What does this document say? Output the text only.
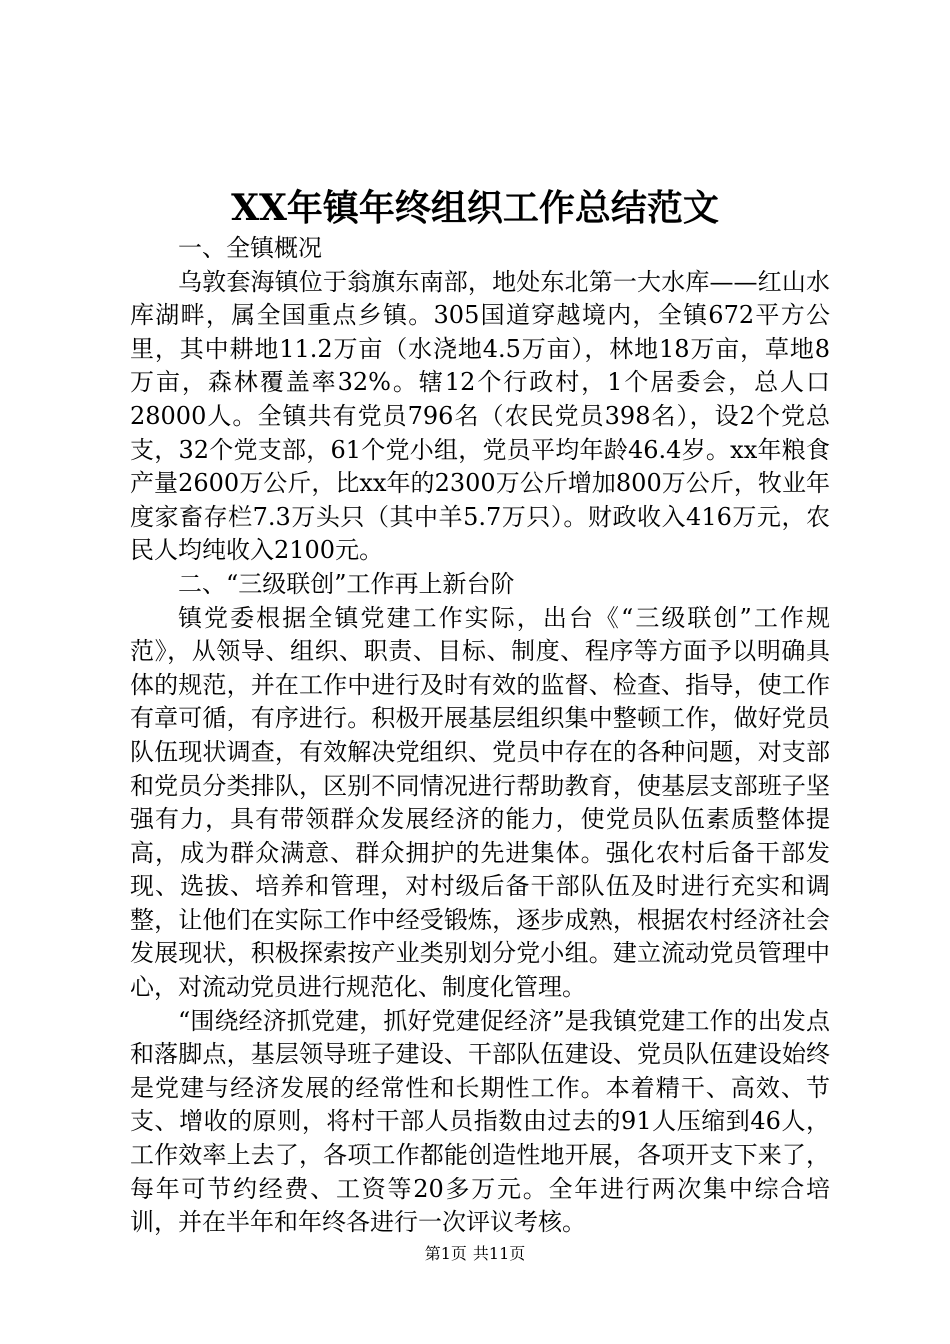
XX年镇年终组织工作总结范文

一、全镇概况

乌敦套海镇位于翁旗东南部，地处东北第一大水库——红山水库湖畔，属全国重点乡镇。305国道穿越境内，全镇672平方公里，其中耕地11.2万亩（水浇地4.5万亩），林地18万亩，草地8万亩，森林覆盖率32%。辖12个行政村，1个居委会，总人口28000人。全镇共有党员796名（农民党员398名），设2个党总支，32个党支部，61个党小组，党员平均年龄46.4岁。xx年粮食产量2600万公斤，比xx年的2300万公斤增加800万公斤，牧业年度家畜存栏7.3万头只（其中羊5.7万只）。财政收入416万元，农民人均纯收入2100元。

二、“三级联创”工作再上新台阶

镇党委根据全镇党建工作实际，出台《“三级联创”工作规范》，从领导、组织、职责、目标、制度、程序等方面予以明确具体的规范，并在工作中进行及时有效的监督、检查、指导，使工作有章可循，有序进行。积极开展基层组织集中整顿工作，做好党员队伍现状调查，有效解决党组织、党员中存在的各种问题，对支部和党员分类排队，区别不同情况进行帮助教育，使基层支部班子坚强有力，具有带领群众发展经济的能力，使党员队伍素质整体提高，成为群众满意、群众拥护的先进集体。强化农村后备干部发现、选拔、培养和管理，对村级后备干部队伍及时进行充实和调整，让他们在实际工作中经受锻炼，逐步成熟，根据农村经济社会发展现状，积极探索按产业类别划分党小组。建立流动党员管理中心，对流动党员进行规范化、制度化管理。

“围绕经济抓党建，抓好党建促经济”是我镇党建工作的出发点和落脚点，基层领导班子建设、干部队伍建设、党员队伍建设始终是党建与经济发展的经常性和长期性工作。本着精干、高效、节支、增收的原则，将村干部人员指数由过去的91人压缩到46人，工作效率上去了，各项工作都能创造性地开展，各项开支下来了，每年可节约经费、工资等20多万元。全年进行两次集中综合培训，并在半年和年终各进行一次评议考核。

第1页 共11页
